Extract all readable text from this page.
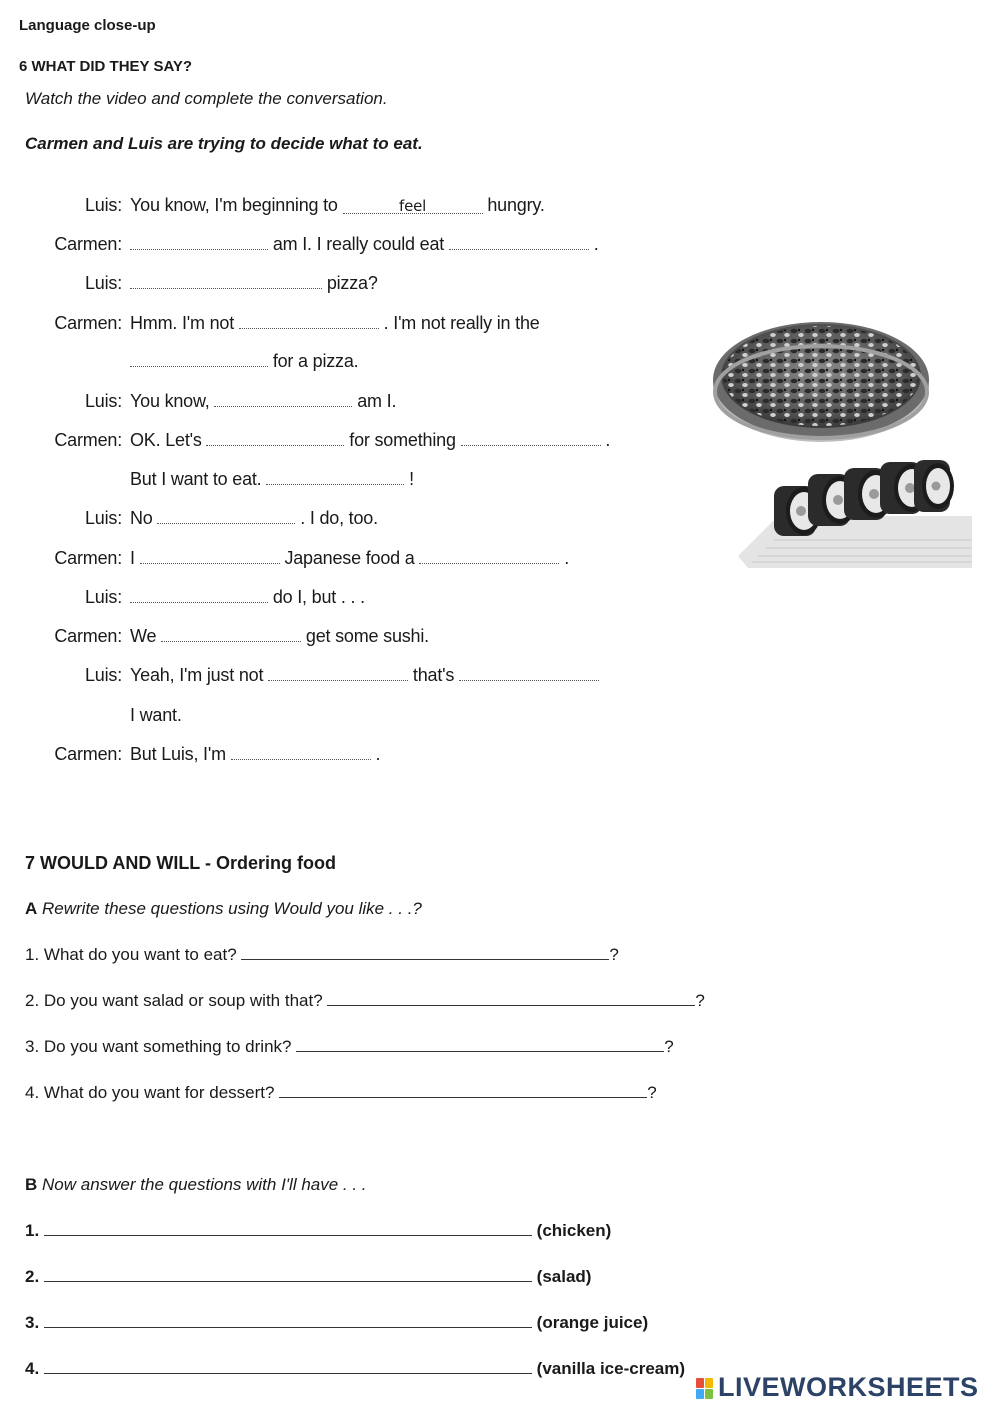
Language close-up
6 WHAT DID THEY SAY?
Watch the video and complete the conversation.
Carmen and Luis are trying to decide what to eat.
Luis: You know, I'm beginning to	feel	hungry.
Carmen:	am I. I really could eat	.
Luis:	pizza?
Carmen: Hmm. I'm not	. I'm not really in the
for a pizza.
Luis: You know,	am I.
Carmen: OK. Let's	for something	.
But I want to eat.	!
Luis: No	. I do, too.
Carmen: I	Japanese food a	.
Luis:	do I, but . . .
Carmen: We	get some sushi.
Luis: Yeah, I'm just not	that's
I want.
Carmen: But Luis, I'm	.
7 WOULD AND WILL - Ordering food
A Rewrite these questions using Would you like . . .?
1. What do you want to eat?	?
2. Do you want salad or soup with that?	?
3. Do you want something to drink?	?
4. What do you want for dessert?	?
B Now answer the questions with I'll have . . .
1.	(chicken)
2.	(salad)
3.	(orange juice)
4.	(vanilla ice-cream)
LIVEWORKSHEETS
